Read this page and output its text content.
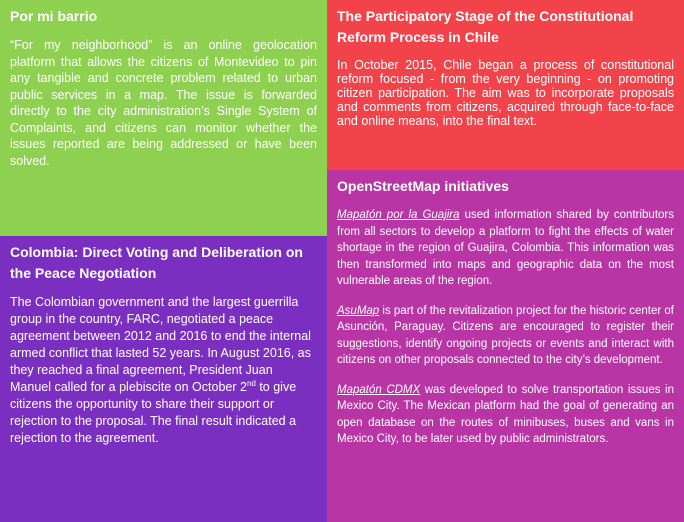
Por mi barrio

“For my neighborhood” is an online geolocation platform that allows the citizens of Montevideo to pin any tangible and concrete problem related to urban public services in a map. The issue is forwarded directly to the city administration’s Single System of Complaints, and citizens can monitor whether the issues reported are being addressed or have been solved.

The Participatory Stage of the Constitutional Reform Process in Chile

In October 2015, Chile began a process of constitutional reform focused - from the very beginning - on promoting citizen participation. The aim was to incorporate proposals and comments from citizens, acquired through face-to-face and online means, into the final text.

Colombia: Direct Voting and Deliberation on the Peace Negotiation

The Colombian government and the largest guerrilla group in the country, FARC, negotiated a peace agreement between 2012 and 2016 to end the internal armed conflict that lasted 52 years. In August 2016, as they reached a final agreement, President Juan Manuel called for a plebiscite on October 2nd to give citizens the opportunity to share their support or rejection to the proposal. The final result indicated a rejection to the agreement.

OpenStreetMap initiatives

Mapatón por la Guajira used information shared by contributors from all sectors to develop a platform to fight the effects of water shortage in the region of Guajira, Colombia. This information was then transformed into maps and geographic data on the most vulnerable areas of the region.

AsuMap is part of the revitalization project for the historic center of Asunción, Paraguay. Citizens are encouraged to register their suggestions, identify ongoing projects or events and interact with citizens on other proposals connected to the city’s development.

Mapatón CDMX was developed to solve transportation issues in Mexico City. The Mexican platform had the goal of generating an open database on the routes of minibuses, buses and vans in Mexico City, to be later used by public administrators.
